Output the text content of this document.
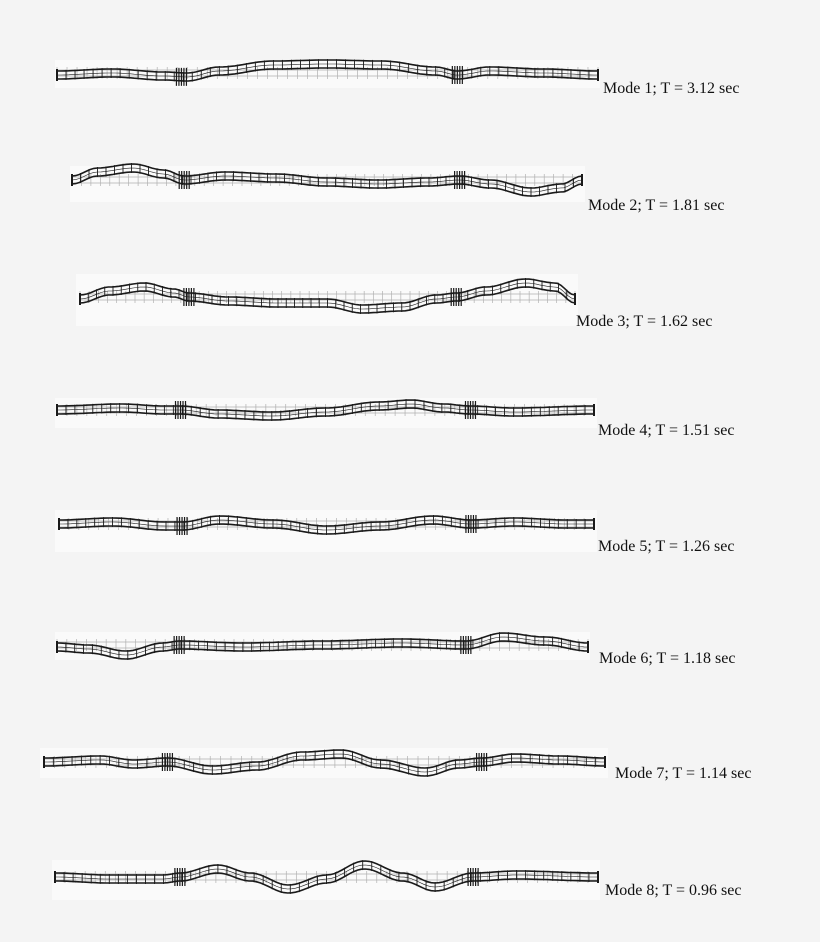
Mode 1; T = 3.12 sec
Mode 2; T = 1.81 sec
Mode 3; T = 1.62 sec
Mode 4; T = 1.51 sec
Mode 5; T = 1.26 sec
Mode 6; T = 1.18 sec
Mode 7; T = 1.14 sec
Mode 8; T = 0.96 sec
